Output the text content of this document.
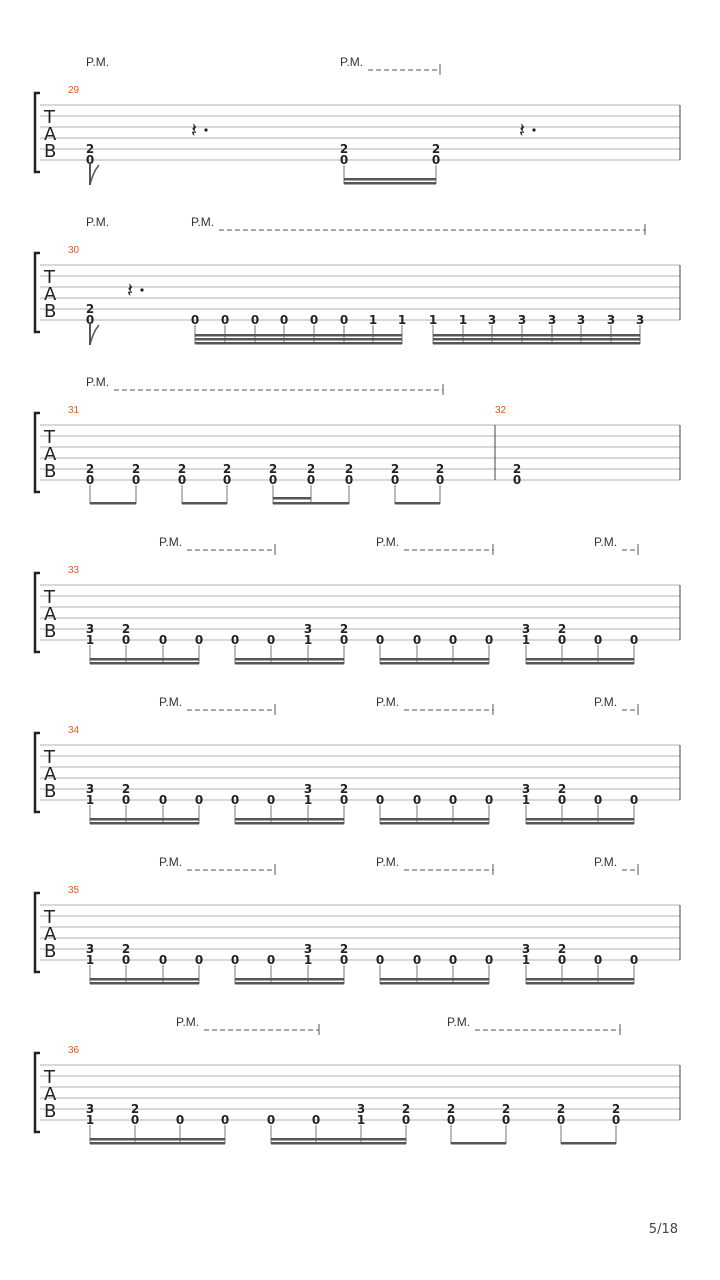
T
A
B
29
P.M.	P.M.
2
0
𝄽
2
0
2
0
𝄽
T
A
B
30
P.M.	P.M.
2
0
𝄽
0 0 0 0 0 0 1 1 1 1 3 3 3 3 3 3
T
A
B
31	32
P.M.
2
0
2
0
2
0
2
0
2
0
2
0
2
0
2
0
2
0
2
0
T
A
B
33
P.M.	P.M.	P.M.
3
1
2
0 0 0 0 0
3
1
2
0 0 0 0 0
3
1
2
0 0 0
T
A
B
34
P.M.	P.M.	P.M.
3
1
2
0 0 0 0 0
3
1
2
0 0 0 0 0
3
1
2
0 0 0
T
A
B
35
P.M.	P.M.	P.M.
3
1
2
0 0 0 0 0
3
1
2
0 0 0 0 0
3
1
2
0 0 0
T
A
B
36
P.M.	P.M.
3
1
2
0	0	0	0	0
3
1
2
0
2
0
2
0
2
0
2
0
5/18
